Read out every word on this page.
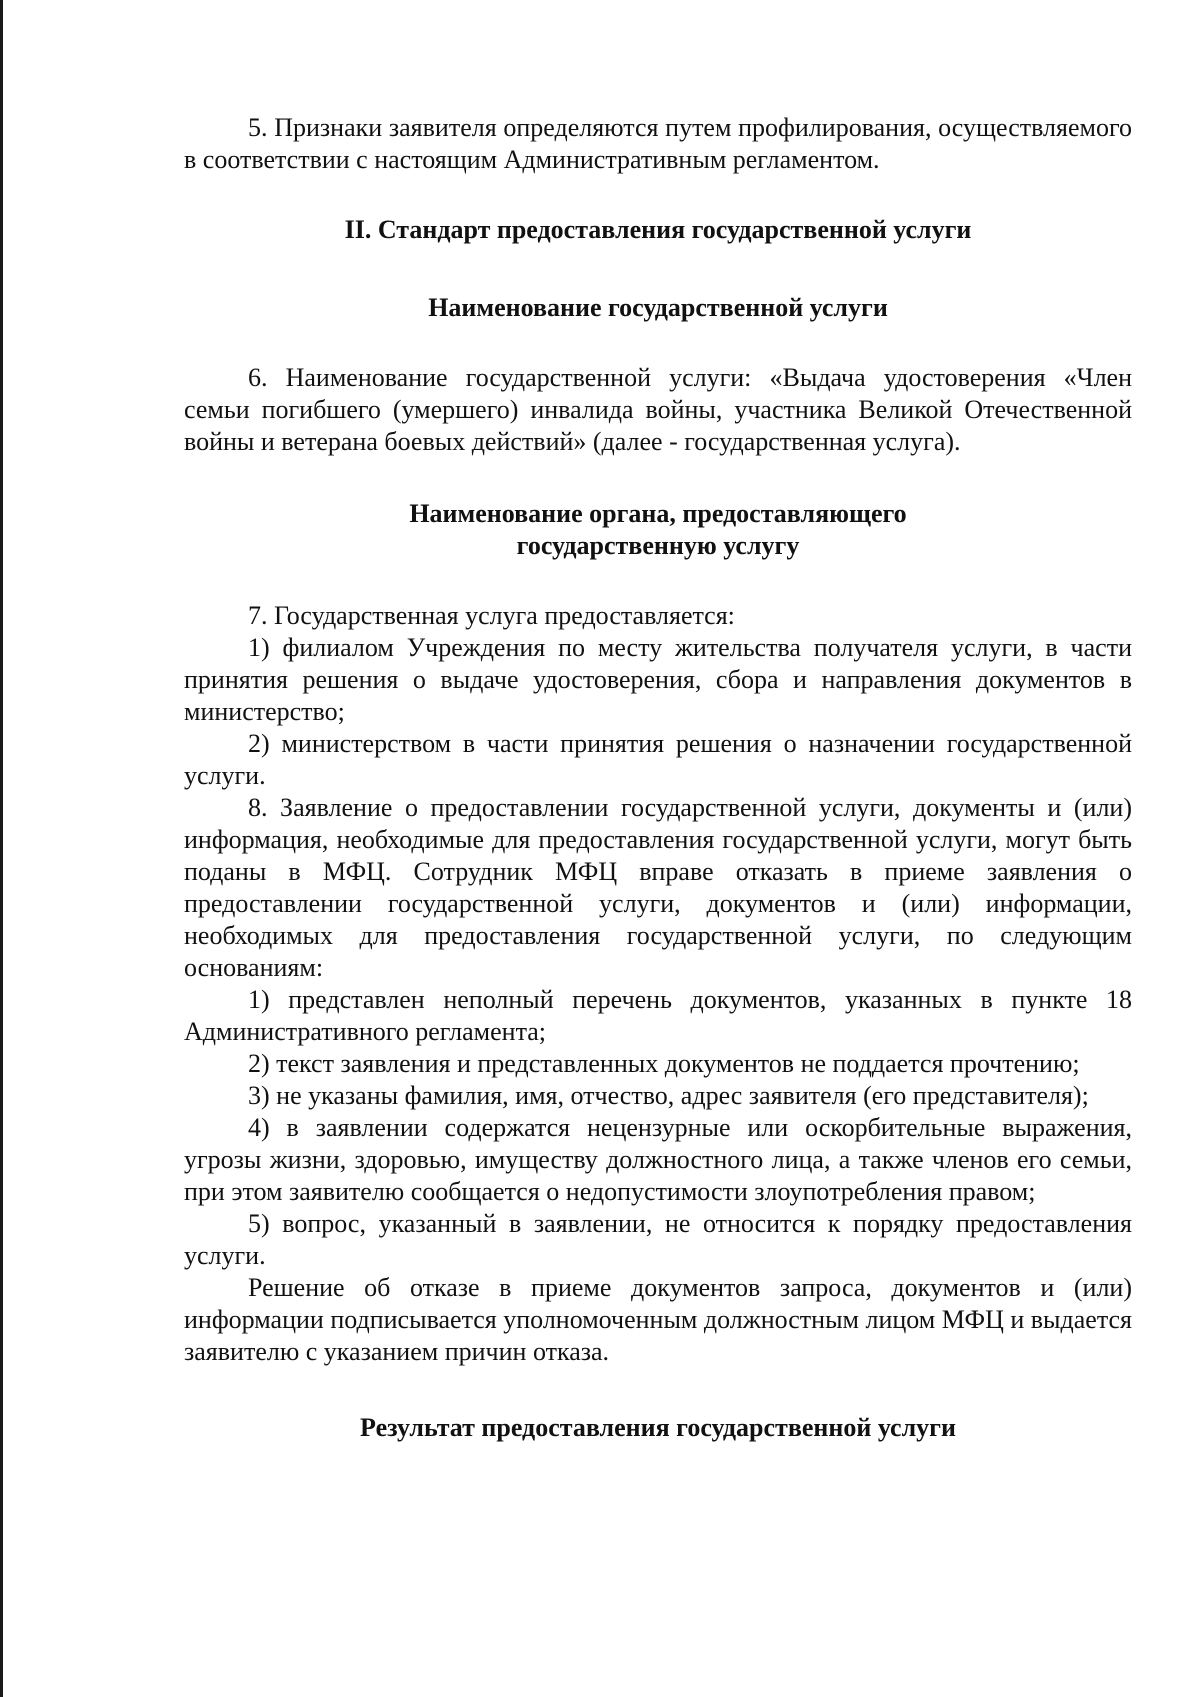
5. Признаки заявителя определяются путем профилирования, осуществляемого в соответствии с настоящим Административным регламентом.

II. Стандарт предоставления государственной услуги
Наименование государственной услуги

6. Наименование государственной услуги: «Выдача удостоверения «Член семьи погибшего (умершего) инвалида войны, участника Великой Отечественной войны и ветерана боевых действий» (далее - государственная услуга).

Наименование органа, предоставляющего
государственную услугу

7. Государственная услуга предоставляется:

1) филиалом Учреждения по месту жительства получателя услуги, в части принятия решения о выдаче удостоверения, сбора и направления документов в министерство;

2) министерством в части принятия решения о назначении государственной услуги.

8. Заявление о предоставлении государственной услуги, документы и (или) информация, необходимые для предоставления государственной услуги, могут быть поданы в МФЦ. Сотрудник МФЦ вправе отказать в приеме заявления о предоставлении государственной услуги, документов и (или) информации, необходимых для предоставления государственной услуги, по следующим основаниям:

1) представлен неполный перечень документов, указанных в пункте 18 Административного регламента;

2) текст заявления и представленных документов не поддается прочтению;

3) не указаны фамилия, имя, отчество, адрес заявителя (его представителя);

4) в заявлении содержатся нецензурные или оскорбительные выражения, угрозы жизни, здоровью, имуществу должностного лица, а также членов его семьи, при этом заявителю сообщается о недопустимости злоупотребления правом;

5) вопрос, указанный в заявлении, не относится к порядку предоставления услуги.

Решение об отказе в приеме документов запроса, документов и (или) информации подписывается уполномоченным должностным лицом МФЦ и выдается заявителю с указанием причин отказа.

Результат предоставления государственной услуги
